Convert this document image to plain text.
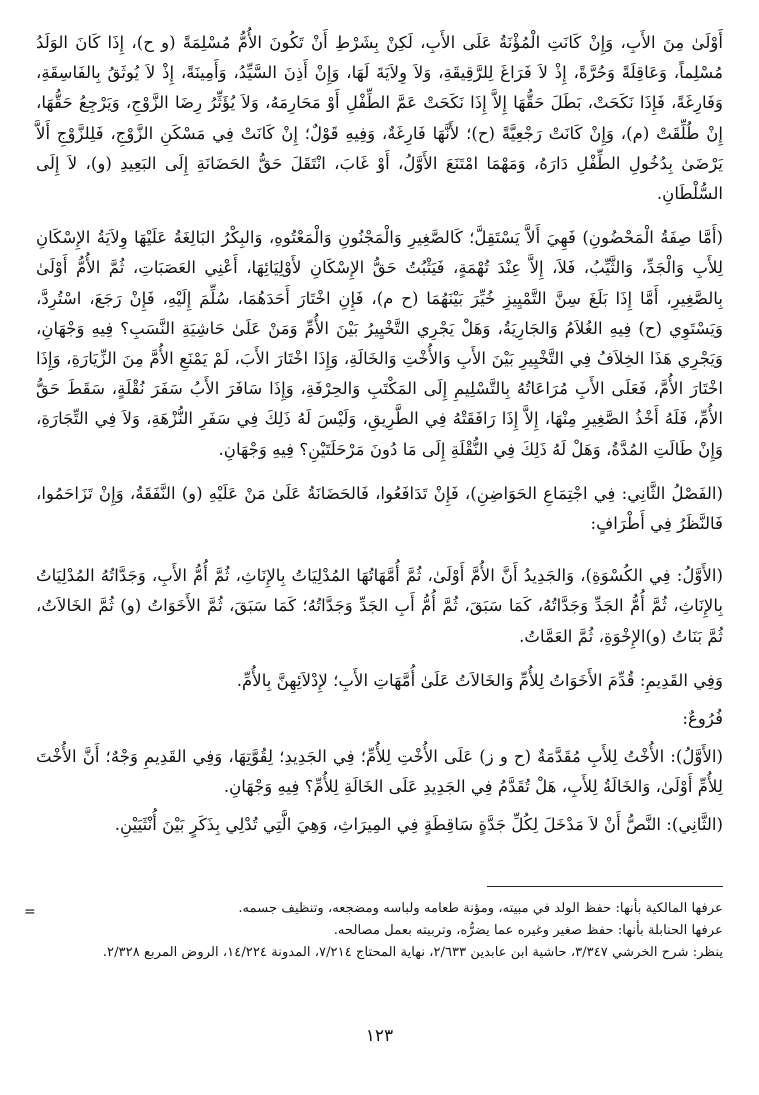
أَوْلَىٰ مِنَ الأَبِ، وَإِنْ كَانَتِ الْمُؤْنَةُ عَلَى الأَبِ، لَكِنْ بِشَرْطِ أَنْ تَكُونَ الأُمُّ مُسْلِمَةً (و ح)، إِذَا كَانَ الوَلَدُ مُسْلِماً، وَعَاقِلَةً وَحُرَّةً، إِذْ لاَ فَرَاغَ لِلرَّقِيقَةِ، وَلاَ وِلاَيَةَ لَهَا، وَإِنْ أَذِنَ السَّيِّدُ، وَأَمِينَةً، إِذْ لاَ يُوثَقُ بِالفَاسِقَةِ، وَفَارِغَةً، فَإِذَا نَكَحَتْ، بَطَلَ حَقُّهَا إِلاَّ إِذَا نَكَحَتْ عَمَّ الطِّفْلِ أَوْ مَحَارِمَهُ، وَلاَ يُؤَثِّرُ رِضَا الزَّوْجِ، وَيَرْجِعُ حَقُّهَا، إِنْ طُلِّقَتْ (م)، وَإِنْ كَانَتْ رَجْعِيَّةً (ح)؛ لأَنَّهَا فَارِغَةٌ، وَفِيهِ قَوْلٌ؛ إِنْ كَانَتْ فِي مَسْكَنِ الزَّوْجِ، فَلِلزَّوْجِ أَلاَّ يَرْضَىٰ بِدُخُولِ الطِّفْلِ دَارَهُ، وَمَهْمَا امْتَنَعَ الأَوَّلُ، أَوْ غَابَ، انْتَقَلَ حَقُّ الحَضَانَةِ إِلَى البَعِيدِ (و)، لاَ إِلَى السُّلْطَانِ.

(أَمَّا صِفَةُ الْمَحْضُونِ) فَهِيَ أَلاَّ يَسْتَقِلَّ؛ كَالصَّغِيرِ وَالْمَجْنُونِ وَالْمَعْتُوهِ، وَالبِكْرُ البَالِغَةُ عَلَيْهَا وِلاَيَةُ الإِسْكَانِ لِلأَبِ وَالْجَدِّ، وَالثَّيِّبُ، فَلاَ، إِلاَّ عِنْدَ تُهْمَةٍ، فَيَثْبُتُ حَقُّ الإِسْكَانِ لأَوْلِيَائِهَا، أَعْنِي العَصَبَاتِ، ثُمَّ الأُمُّ أَوْلَىٰ بِالصَّغِيرِ، أَمَّا إِذَا بَلَغَ سِنَّ التَّمْيِيزِ خُيِّرَ بَيْنَهُمَا (ح م)، فَإِنِ اخْتَارَ أَحَدَهُمَا، سُلِّمَ إِلَيْهِ، فَإِنْ رَجَعَ، اسْتُرِدَّ، وَيَسْتَوِي (ح) فِيهِ الغُلاَمُ وَالجَارِيَةُ، وَهَلْ يَجْرِي التَّخْيِيرُ بَيْنَ الأُمِّ وَمَنْ عَلَىٰ حَاشِيَةِ النَّسَبِ؟ فِيهِ وَجْهَانِ، وَيَجْرِي هَذَا الخِلاَفُ فِي التَّخْيِيرِ بَيْنَ الأَبِ وَالأُخْتِ وَالخَالَةِ، وَإِذَا اخْتَارَ الأَبَ، لَمْ يَمْنَعِ الأُمَّ مِنَ الزِّيَارَةِ، وَإِذَا اخْتَارَ الأُمَّ، فَعَلَى الأَبِ مُرَاعَاتُهُ بِالتَّسْلِيمِ إِلَى المَكْتَبِ وَالحِرْفَةِ، وَإِذَا سَافَرَ الأَبُ سَفَرَ نُقْلَةٍ، سَقَطَ حَقُّ الأُمِّ، فَلَهُ أَخْذُ الصَّغِيرِ مِنْهَا، إِلاَّ إِذَا رَافَقَتْهُ فِي الطَّرِيقِ، وَلَيْسَ لَهُ ذَلِكَ فِي سَفَرِ النُّزْهَةِ، وَلاَ فِي التِّجَارَةِ، وَإِنْ طَالَتِ المُدَّةُ، وَهَلْ لَهُ ذَلِكَ فِي النُّقْلَةِ إِلَى مَا دُونَ مَرْحَلَتَيْنِ؟ فِيهِ وَجْهَانِ.

(الفَصْلُ الثَّانِي: فِي اجْتِمَاعِ الحَوَاضِنِ)، فَإِنْ تَدَافَعُوا، فَالحَضَانَةُ عَلَىٰ مَنْ عَلَيْهِ (و) النَّفَقَةُ، وَإِنْ تَزَاحَمُوا، فَالنَّظَرُ فِي أَطْرَافٍ:

(الأَوَّلُ: فِي الكُسْوَةِ)، وَالجَدِيدُ أَنَّ الأُمَّ أَوْلَىٰ، ثُمَّ أُمَّهَاتُهَا المُدْلِيَاتُ بِالإِنَاثِ، ثُمَّ أُمُّ الأَبِ، وَجَدَّاتُهُ المُدْلِيَاتُ بِالإِنَاثِ، ثُمَّ أُمُّ الجَدِّ وَجَدَّاتُهُ، كَمَا سَبَقَ، ثُمَّ أُمُّ أَبِ الجَدِّ وَجَدَّاتُهُ؛ كَمَا سَبَقَ، ثُمَّ الأَخَوَاتُ (و) ثُمَّ الخَالاَتُ، ثُمَّ بَنَاتُ (و)الإِخْوَةِ، ثُمَّ العَمَّاتُ.

وَفِي القَدِيمِ: قُدِّمَ الأَخَوَاتُ لِلأُمِّ وَالخَالاَتُ عَلَىٰ أُمَّهَاتِ الأَبِ؛ لإِدْلاَئِهِنَّ بِالأُمِّ.

فُرُوعٌ:

(الأَوَّلُ): الأُخْتُ لِلأَبِ مُقَدَّمَةٌ (ح و ز) عَلَى الأُخْتِ لِلأُمِّ؛ فِي الجَدِيدِ؛ لِقُوَّتِهَا، وَفِي القَدِيمِ وَجْهٌ؛ أَنَّ الأُخْتَ لِلأُمِّ أَوْلَىٰ، وَالخَالَةُ لِلأَبِ، هَلْ تُقَدَّمُ فِي الجَدِيدِ عَلَى الخَالَةِ لِلأُمِّ؟ فِيهِ وَجْهَانِ.

(الثَّانِي): النَّصُّ أَنْ لاَ مَدْخَلَ لِكُلِّ جَدَّةٍ سَاقِطَةٍ فِي المِيرَاثِ، وَهِيَ الَّتِي تُدْلِي بِذَكَرٍ بَيْنَ أُنْثَيَيْنِ.

=	عرفها المالكية بأنها: حفظ الولد في مبيته، ومؤنة طعامه ولباسه ومضجعه، وتنظيف جسمه.

عرفها الحنابلة بأنها: حفظ صغير وغيره عما يضرُّه، وتربيته بعمل مصالحه.

ينظر: شرح الخرشي ٣/٣٤٧، حاشية ابن عابدين ٢/٦٣٣، نهاية المحتاج ٧/٢١٤، المدونة ١٤/٢٢٤، الروض المربع ٢/٣٢٨.

١٢٣
